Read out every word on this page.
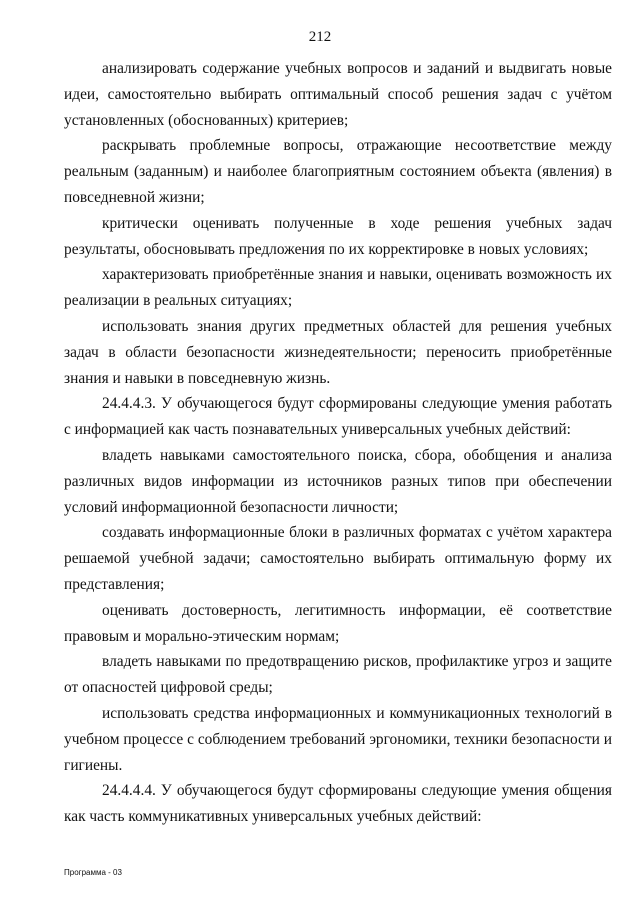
212

анализировать содержание учебных вопросов и заданий и выдвигать новые идеи, самостоятельно выбирать оптимальный способ решения задач с учётом установленных (обоснованных) критериев;

раскрывать проблемные вопросы, отражающие несоответствие между реальным (заданным) и наиболее благоприятным состоянием объекта (явления) в повседневной жизни;

критически оценивать полученные в ходе решения учебных задач результаты, обосновывать предложения по их корректировке в новых условиях;

характеризовать приобретённые знания и навыки, оценивать возможность их реализации в реальных ситуациях;

использовать знания других предметных областей для решения учебных задач в области безопасности жизнедеятельности; переносить приобретённые знания и навыки в повседневную жизнь.

24.4.4.3. У обучающегося будут сформированы следующие умения работать с информацией как часть познавательных универсальных учебных действий:

владеть навыками самостоятельного поиска, сбора, обобщения и анализа различных видов информации из источников разных типов при обеспечении условий информационной безопасности личности;

создавать информационные блоки в различных форматах с учётом характера решаемой учебной задачи; самостоятельно выбирать оптимальную форму их представления;

оценивать достоверность, легитимность информации, её соответствие правовым и морально-этическим нормам;

владеть навыками по предотвращению рисков, профилактике угроз и защите от опасностей цифровой среды;

использовать средства информационных и коммуникационных технологий в учебном процессе с соблюдением требований эргономики, техники безопасности и гигиены.

24.4.4.4. У обучающегося будут сформированы следующие умения общения как часть коммуникативных универсальных учебных действий:

Программа - 03
